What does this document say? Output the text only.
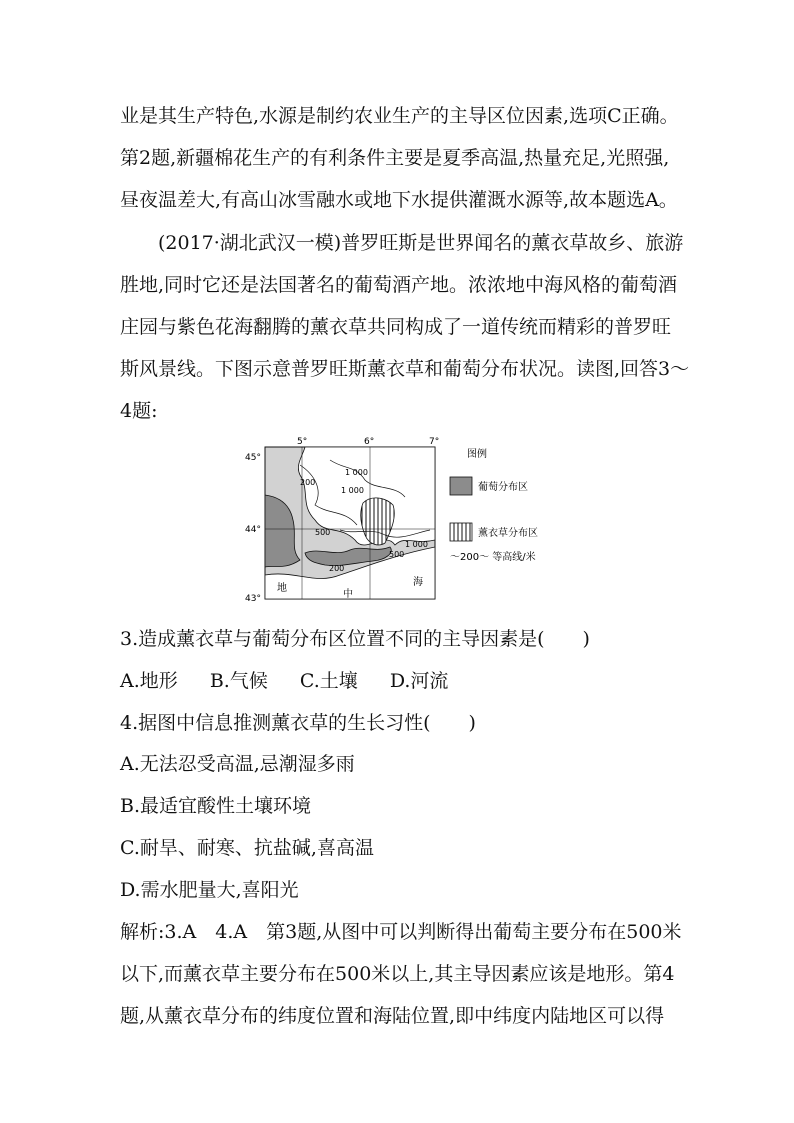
业是其生产特色,水源是制约农业生产的主导区位因素,选项C正确。
第2题,新疆棉花生产的有利条件主要是夏季高温,热量充足,光照强,
昼夜温差大,有高山冰雪融水或地下水提供灌溉水源等,故本题选A。
(2017·湖北武汉一模)普罗旺斯是世界闻名的薰衣草故乡、旅游
胜地,同时它还是法国著名的葡萄酒产地。浓浓地中海风格的葡萄酒
庄园与紫色花海翻腾的薰衣草共同构成了一道传统而精彩的普罗旺
斯风景线。下图示意普罗旺斯薰衣草和葡萄分布状况。读图,回答3～
4题:
5°	6°	7°
45°
44°
43°
200
1 000
1 000
500
500
1 000
200
地
中
海
图例
葡萄分布区
薰衣草分布区
～200～ 等高线/米
3.造成薰衣草与葡萄分布区位置不同的主导因素是(　　)
A.地形 B.气候 C.土壤 D.河流
4.据图中信息推测薰衣草的生长习性(　　)
A.无法忍受高温,忌潮湿多雨
B.最适宜酸性土壤环境
C.耐旱、耐寒、抗盐碱,喜高温
D.需水肥量大,喜阳光
解析:3.A　4.A　第3题,从图中可以判断得出葡萄主要分布在500米
以下,而薰衣草主要分布在500米以上,其主导因素应该是地形。第4
题,从薰衣草分布的纬度位置和海陆位置,即中纬度内陆地区可以得
